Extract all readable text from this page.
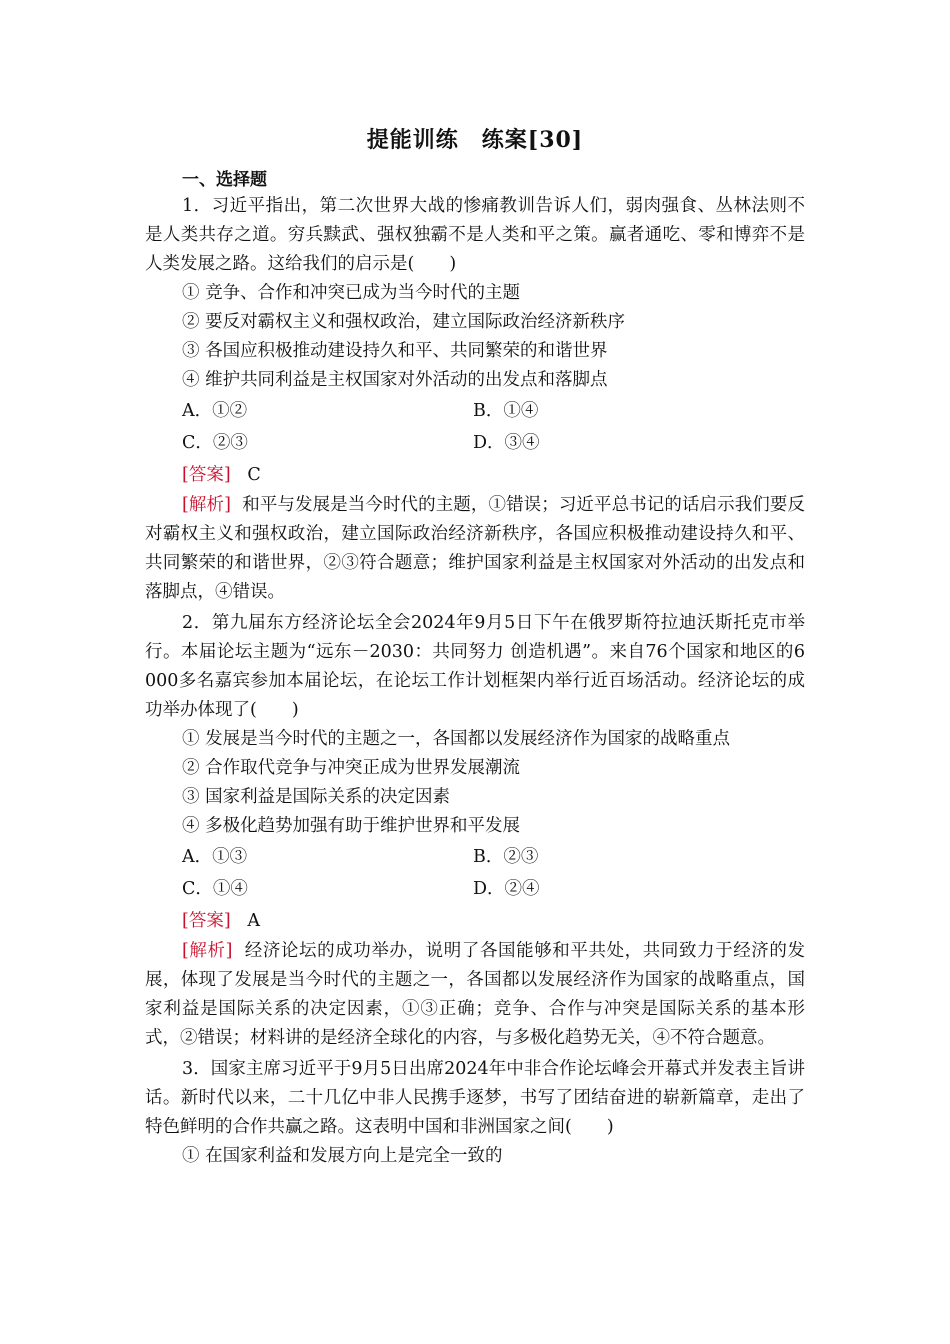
提能训练　练案[30]
一、选择题

1．习近平指出，第二次世界大战的惨痛教训告诉人们，弱肉强食、丛林法则不是人类共存之道。穷兵黩武、强权独霸不是人类和平之策。赢者通吃、零和博弈不是人类发展之路。这给我们的启示是(　　)

① 竞争、合作和冲突已成为当今时代的主题

② 要反对霸权主义和强权政治，建立国际政治经济新秩序

③ 各国应积极推动建设持久和平、共同繁荣的和谐世界

④ 维护共同利益是主权国家对外活动的出发点和落脚点

A．①②	B．①④
C．②③	D．③④
[答案] C

[解析] 和平与发展是当今时代的主题，①错误；习近平总书记的话启示我们要反对霸权主义和强权政治，建立国际政治经济新秩序，各国应积极推动建设持久和平、共同繁荣的和谐世界，②③符合题意；维护国家利益是主权国家对外活动的出发点和落脚点，④错误。

2．第九届东方经济论坛全会2024年9月5日下午在俄罗斯符拉迪沃斯托克市举行。本届论坛主题为“远东－2030：共同努力 创造机遇”。来自76个国家和地区的6 000多名嘉宾参加本届论坛，在论坛工作计划框架内举行近百场活动。经济论坛的成功举办体现了(　　)

① 发展是当今时代的主题之一，各国都以发展经济作为国家的战略重点

② 合作取代竞争与冲突正成为世界发展潮流

③ 国家利益是国际关系的决定因素

④ 多极化趋势加强有助于维护世界和平发展

A．①③	B．②③
C．①④	D．②④
[答案] A

[解析] 经济论坛的成功举办，说明了各国能够和平共处，共同致力于经济的发展，体现了发展是当今时代的主题之一，各国都以发展经济作为国家的战略重点，国家利益是国际关系的决定因素，①③正确；竞争、合作与冲突是国际关系的基本形式，②错误；材料讲的是经济全球化的内容，与多极化趋势无关，④不符合题意。

3．国家主席习近平于9月5日出席2024年中非合作论坛峰会开幕式并发表主旨讲话。新时代以来，二十几亿中非人民携手逐梦，书写了团结奋进的崭新篇章，走出了特色鲜明的合作共赢之路。这表明中国和非洲国家之间(　　)

① 在国家利益和发展方向上是完全一致的
